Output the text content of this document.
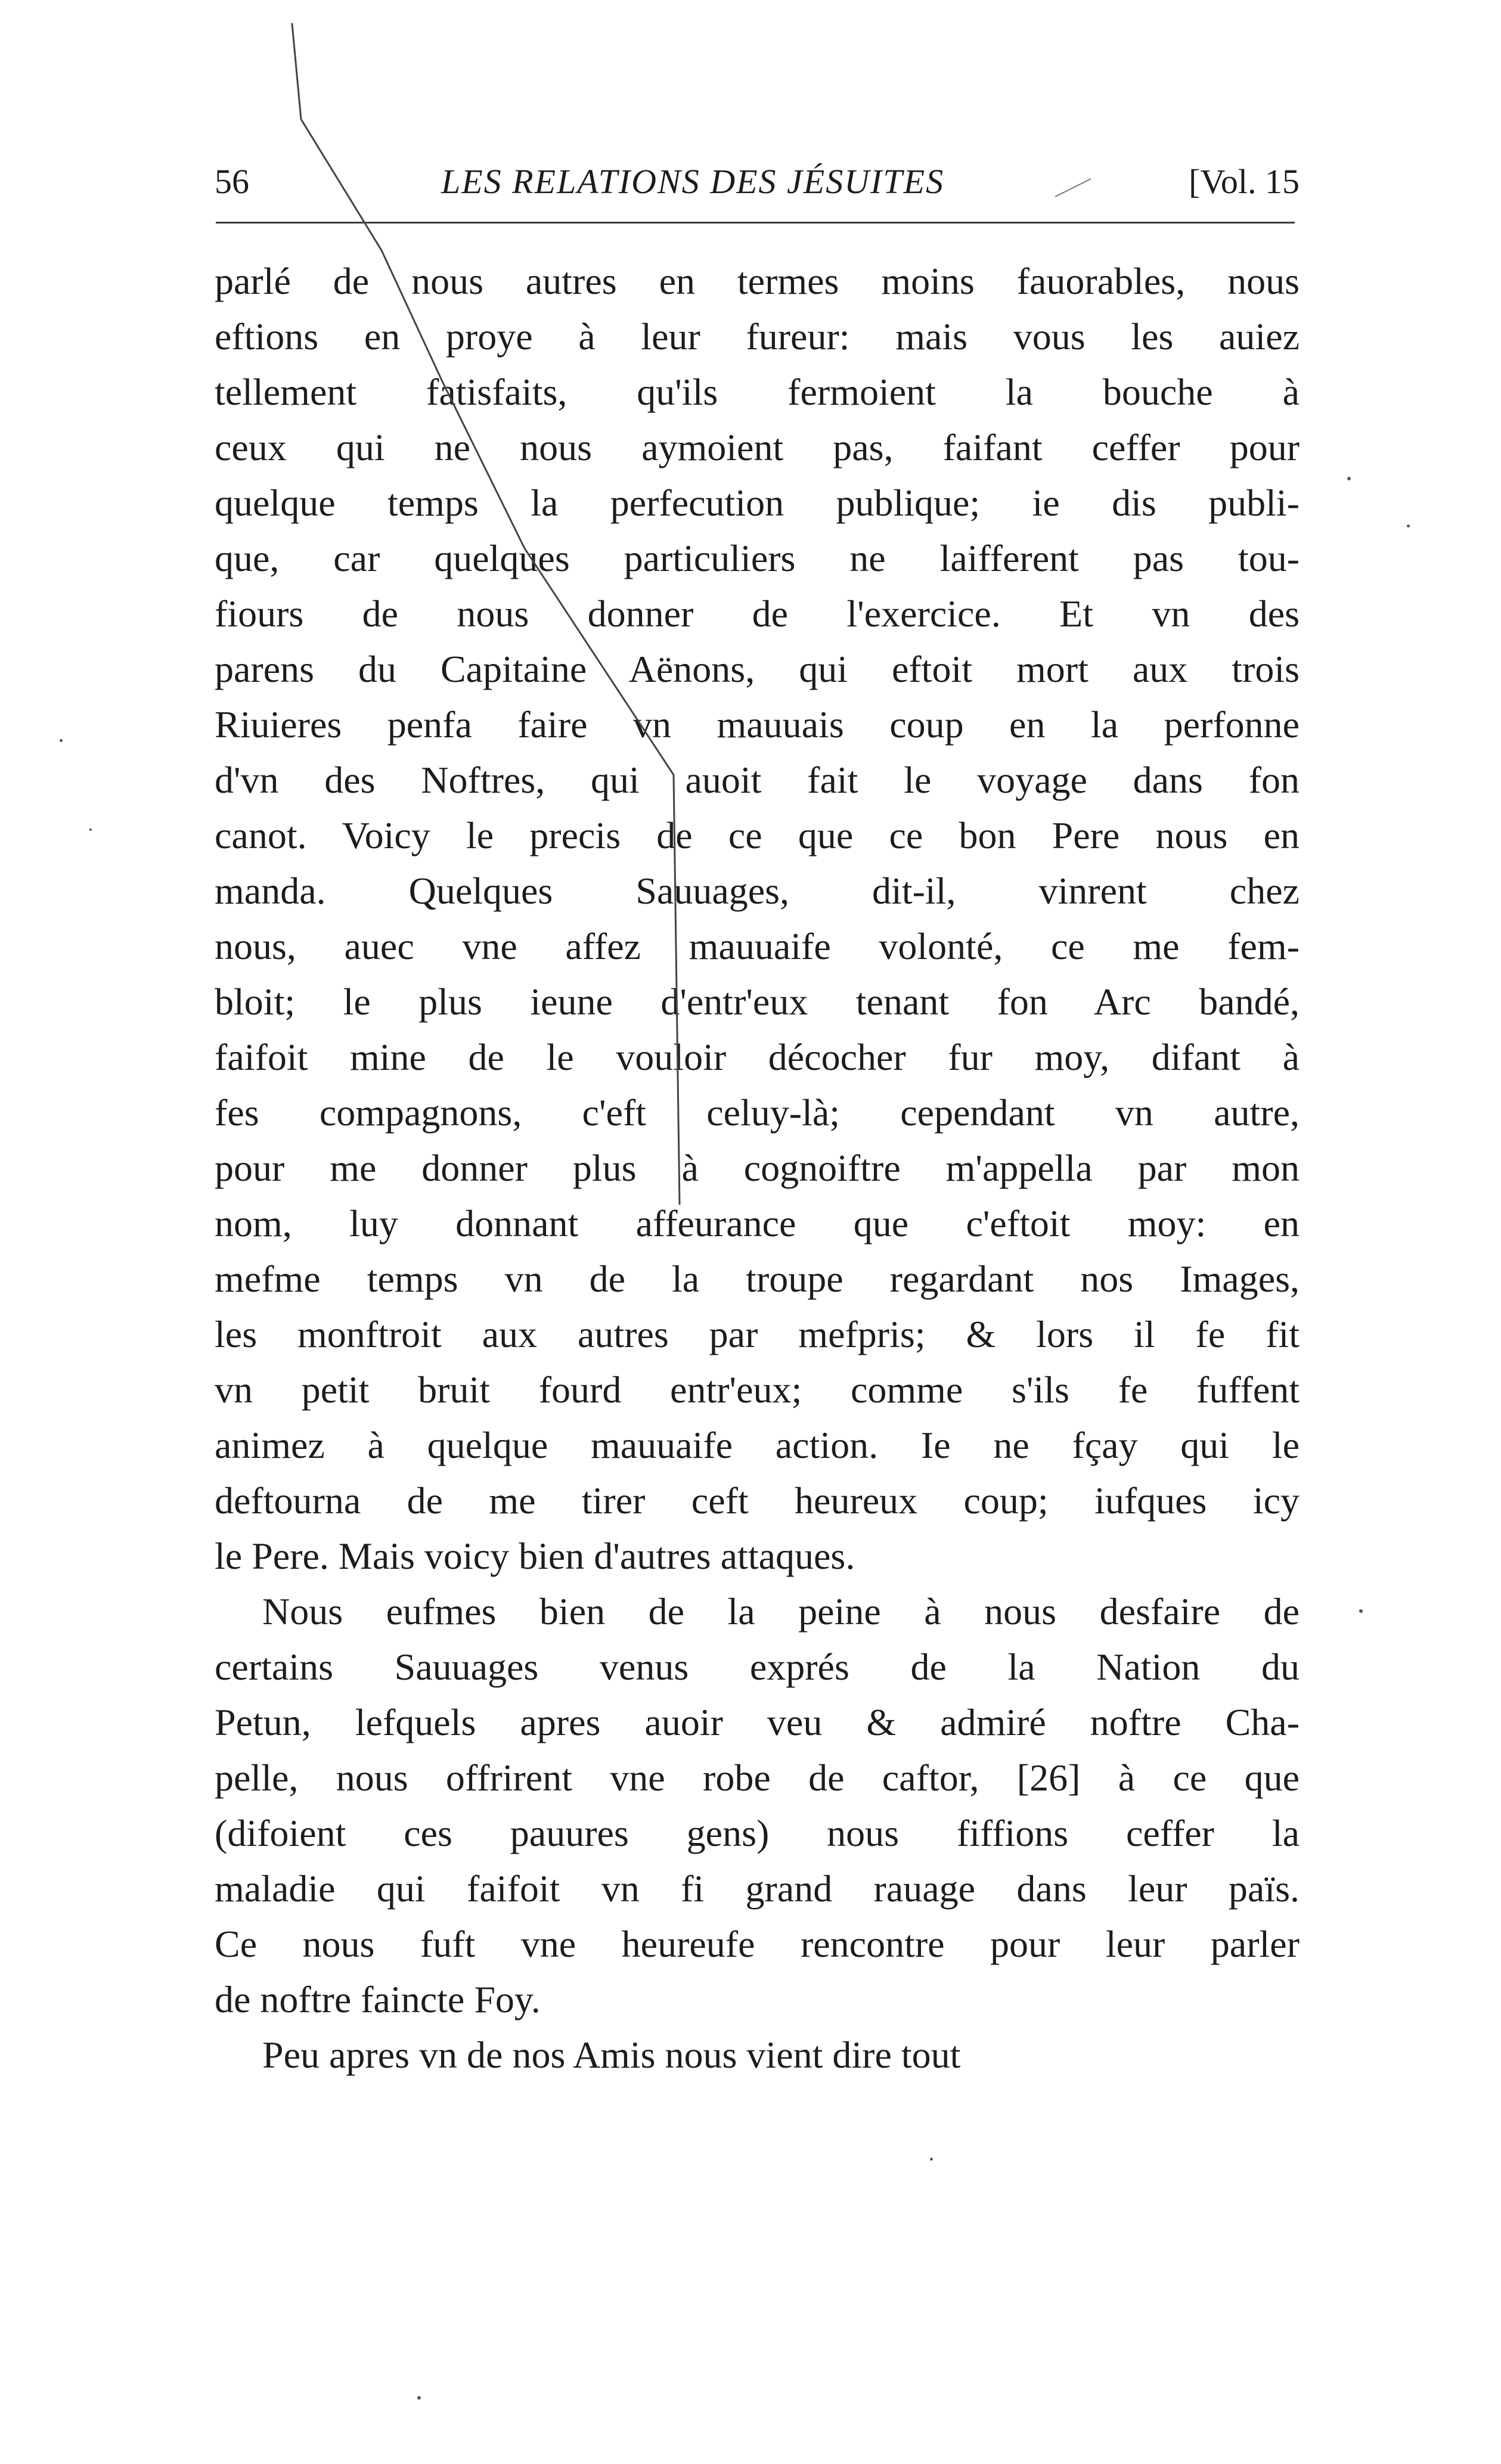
56	LES RELATIONS DES JÉSUITES	[Vol. 15
parlé de nous autres en termes moins fauorables, nous
eftions en proye à leur fureur: mais vous les auiez
tellement fatisfaits, qu'ils fermoient la bouche à
ceux qui ne nous aymoient pas, faifant ceffer pour
quelque temps la perfecution publique; ie dis publi-
que, car quelques particuliers ne laifferent pas tou-
fiours de nous donner de l'exercice. Et vn des
parens du Capitaine Aënons, qui eftoit mort aux trois
Riuieres penfa faire vn mauuais coup en la perfonne
d'vn des Noftres, qui auoit fait le voyage dans fon
canot. Voicy le precis de ce que ce bon Pere nous en
manda. Quelques Sauuages, dit-il, vinrent chez
nous, auec vne affez mauuaife volonté, ce me fem-
bloit; le plus ieune d'entr'eux tenant fon Arc bandé,
faifoit mine de le vouloir décocher fur moy, difant à
fes compagnons, c'eft celuy-là; cependant vn autre,
pour me donner plus à cognoiftre m'appella par mon
nom, luy donnant affeurance que c'eftoit moy: en
mefme temps vn de la troupe regardant nos Images,
les monftroit aux autres par mefpris; & lors il fe fit
vn petit bruit fourd entr'eux; comme s'ils fe fuffent
animez à quelque mauuaife action. Ie ne fçay qui le
deftourna de me tirer ceft heureux coup; iufques icy
le Pere. Mais voicy bien d'autres attaques.
Nous eufmes bien de la peine à nous desfaire de
certains Sauuages venus exprés de la Nation du
Petun, lefquels apres auoir veu & admiré noftre Cha-
pelle, nous offrirent vne robe de caftor, [26] à ce que
(difoient ces pauures gens) nous fiffions ceffer la
maladie qui faifoit vn fi grand rauage dans leur païs.
Ce nous fuft vne heureufe rencontre pour leur parler
de noftre faincte Foy.
Peu apres vn de nos Amis nous vient dire tout
